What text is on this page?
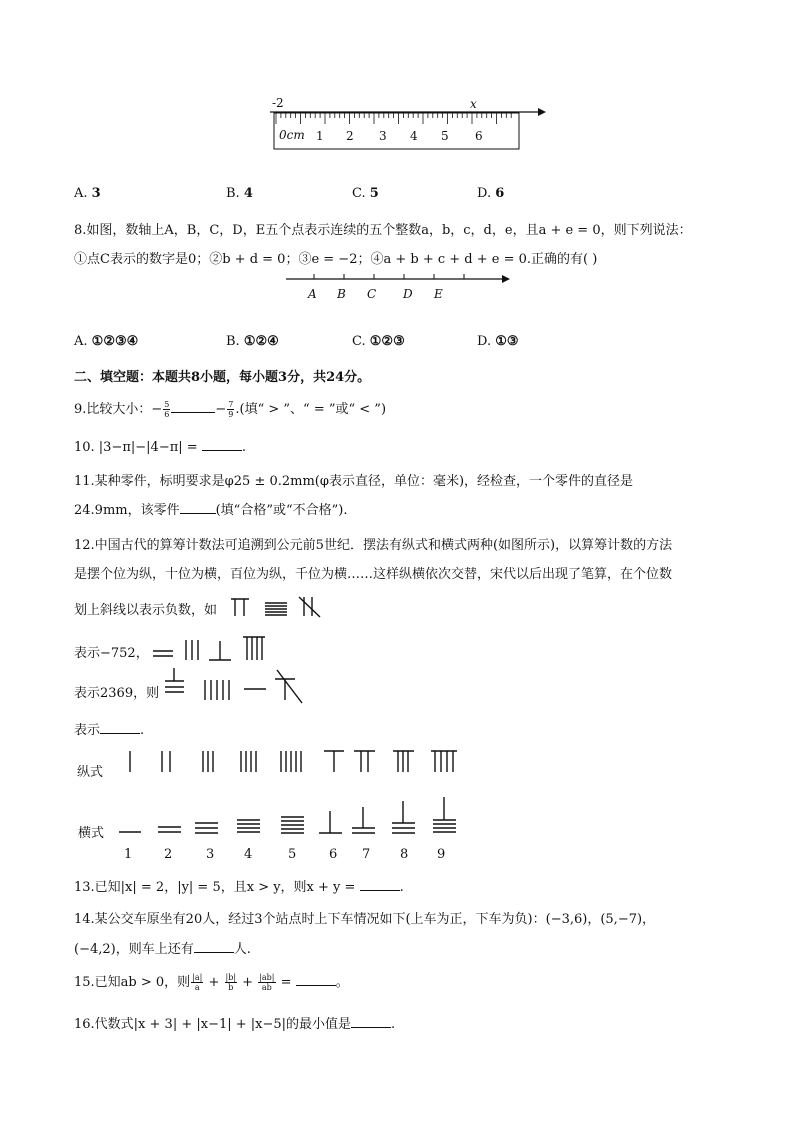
-2	x
0cm 1 2 3 4 5 6
A. 3	B. 4	C. 5	D. 6
8.如图，数轴上A，B，C，D，E五个点表示连续的五个整数a，b，c，d，e，且a + e = 0，则下列说法：
①点C表示的数字是0；②b + d = 0；③e = −2；④a + b + c + d + e = 0.正确的有( )
A B C D E
A. ①②③④	B. ①②④	C. ①②③	D. ①③
二、填空题：本题共8小题，每小题3分，共24分。
9.比较大小：− $\frac{5}{6}$	− $\frac{7}{9}$ .(填“ > ”、“ = ”或“ < ”)
10. |3−π|−|4−π| =	.
11.某种零件，标明要求是φ25 ± 0.2mm(φ表示直径，单位：毫米)，经检查，一个零件的直径是
24.9mm，该零件	(填“合格”或“不合格”).
12.中国古代的算筹计数法可追溯到公元前5世纪．摆法有纵式和横式两种(如图所示)，以算筹计数的方法
是摆个位为纵，十位为横，百位为纵，千位为横……这样纵横依次交替，宋代以后出现了笔算，在个位数
划上斜线以表示负数，如
表示−752，
表示2369，则
表示	.
纵式
横式
1 2	3 4	5	6 7 8 9
13.已知|x| = 2，|y| = 5，且x > y，则x + y =	.
14.某公交车原坐有20人，经过3个站点时上下车情况如下(上车为正，下车为负)：(−3,6)，(5,−7)，
(−4,2)，则车上还有	人.
15.已知ab > 0，则 $\frac{|a|}{a} + \frac{|b|}{b} + \frac{|ab|}{ab}$ =	。
16.代数式|x + 3| + |x−1| + |x−5|的最小值是	.
